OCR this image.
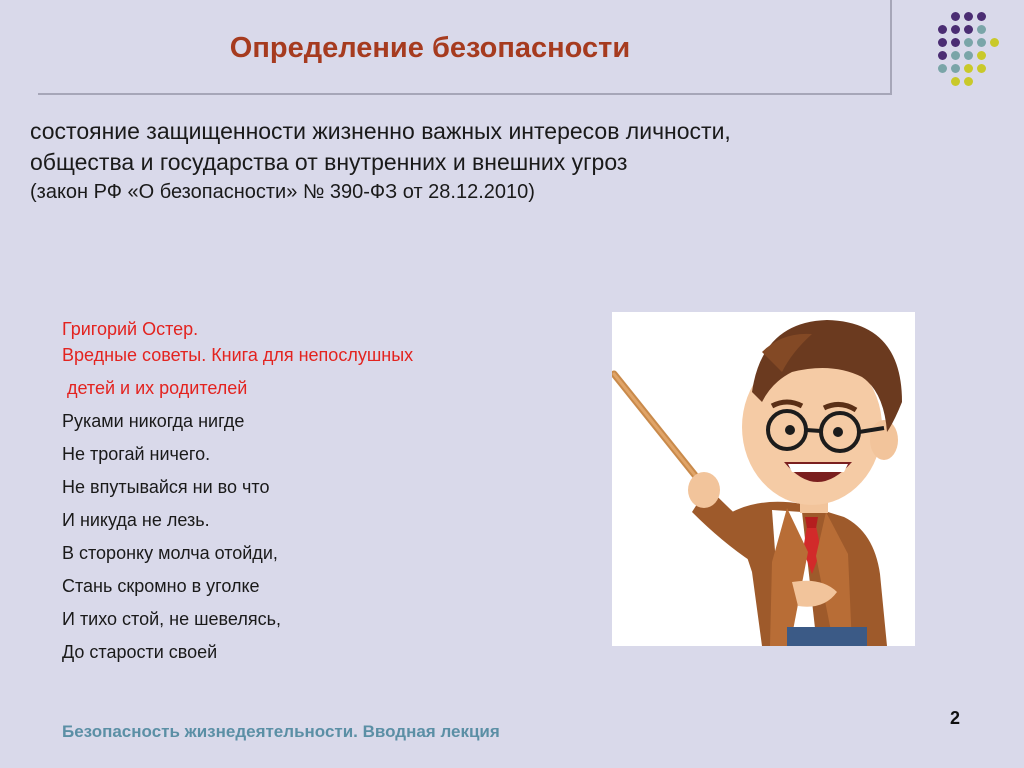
Определение безопасности
состояние защищенности жизненно важных интересов личности,
общества и государства от внутренних и внешних угроз
(закон РФ «О безопасности» № 390-ФЗ от 28.12.2010)
Григорий Остер.
Вредные советы. Книга для непослушных
детей и их родителей
Руками никогда нигде
Не трогай ничего.
Не впутывайся ни во что
И никуда не лезь.
В сторонку молча отойди,
Стань скромно в уголке
И тихо стой, не шевелясь,
До старости своей
Безопасность жизнедеятельности. Вводная лекция
2
